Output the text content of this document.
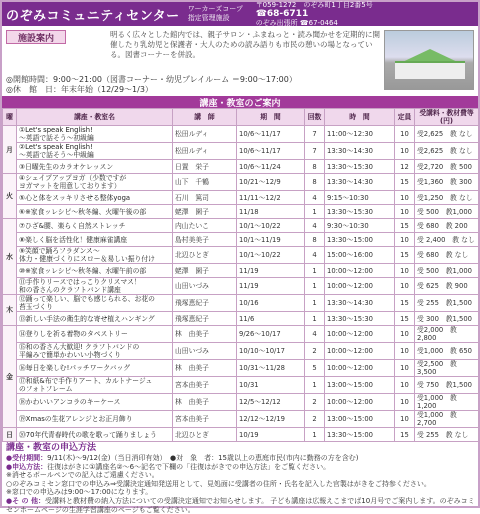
のぞみコミュニティセンター ワーカーズコープ 指定管理施設
〒059-1272　のぞみ町1丁目2番5号
☎68-6711
のぞみ出張所 ☎67-0464
施設案内	明るく広々とした館内では、親子サロン・ふまねっと・読み聞かせを定期的に開催したり乳幼児と保護者・大人のための読み語りも市民の憩いの場となっている。図書コーナーを併設。
◎開館時間：9:00～21:00（図書コーナー・幼児プレイルーム ＝9:00～17:00）
◎休　館　日：年末年始（12/29～1/3）
講座・教室のご案内
曜	講座・教室名	講　師	期　間	回数	時　間	定員	受講料・教材費等(円)
月	①Let's speak English!
～英語で話そう～初級編	松田ルディ	10/6～11/17	7	11:00～12:30	10	受2,625　教 なし

	②Let's speak English!
～英語で話そう～中級編	松田ルディ	10/6～11/17	7	13:30～14:30	10	受2,625　教 なし

	③日曜先生のカラオケレッスン	日置　栄子	10/6～11/24	8	13:30～15:30	12	受2,720　教 500

火	④シェイプアップヨガ（少数ですが
ヨガマットを用意しております）	山下　千鶴	10/21～12/9	8	13:30～14:30	15	受1,360　教 300

	⑤心と体をスッキリさせる整体yoga	石川　篤司	11/11～12/2	4	9:15～10:30	10	受1,250　教 なし

	⑥※家食ッレシピ～秋冬編、火曜午後の部	蛯澤　園子	11/18	1	13:30～15:30	10	受 500　教1,000

水	⑦ひざ&腰、楽らく自然ストレッチ	内山たいこ	10/1～10/22	4	9:30～10:30	15	受 680　教 200

	⑧楽しく脳を活性化！健康麻雀講座	島村美美子	10/1～11/19	8	13:30～15:00	10	受 2,400　教 なし

	⑨笑顔で踊ろフラダンス～
体力・健康づくりにスロー＆易しい振り付け	北辺ひとぎ	10/1～10/22	4	15:00～16:00	15	受 680　教 なし

	⑩※家食ッレシピ～秋冬編、水曜午前の部	蛯澤　園子	11/19	1	10:00～12:00	10	受 500　教1,000

	⑪手作りリースではっこりクリスマス！
和の香さんのクラフトバンド講座	山田いづみ	11/19	1	10:00～12:00	10	受 625　教 900

木	⑫踊って楽しい、脳でも感じられる、お花の
苔玉づくり	飛塚恵紀子	10/16	1	13:30～14:30	15	受 255　教1,500

	⑬新しい手法の衛生的な寄せ植えハンギング	飛塚恵紀子	11/6	1	13:30～15:30	15	受 300　教1,500

金	⑭登りしを祈る着物のタペストリー	林　由美子	9/26～10/17	4	10:00～12:00	10	受2,000　教2,800

	⑮和の香さん大歓迎! クラフトバンドの
平編みで簡単かわいい小物づくり	山田いづみ	10/10～10/17	2	10:00～12:00	10	受1,000　教 650

	⑯毎日を楽しむ!パッチワークバッグ	林　由美子	10/31～11/28	5	10:00～12:00	10	受2,500　教3,500

	⑰和紙&布で手作りアート、カルトナージュ
のフォトフレーム	宮本由美子	10/31	1	13:00～15:00	10	受 750　教1,500

	⑱かわいいアンコラのキーケース	林　由美子	12/5～12/12	2	10:00～12:00	10	受1,000　教1,200

	⑲Xmasの生花アレンジとお正月飾り	宮本由美子	12/12～12/19	2	13:00～15:00	10	受1,000　教2,700

日	⑳70年代青春時代の歌を歌って踊りましょう	北辺ひとぎ	10/19	1	13:30～15:00	15	受 255　教 なし
講座・教室の申込方法
●受付期間：9/11(木)～9/12(金)（当日消印有効）　●対　象　者：15歳以上の恵庭市民(市内に勤務の方を含む)
●申込方法：往復はがきに①講座名②～6～記名で下欄の「往復はがきでの申込方法」をご覧ください。
※消せるボールペンでの記入はご遠慮ください。
○のぞみコミセン窓口での申込み⇒受講決定通知発送用として、見処面に受講者の住所・氏名を記入した官製はがきをご持参ください。
※窓口での申込みは9:00～17:00になります。
●そ の 他：受講料と教材費の納入方法についての受講決定通知でお知らせします。 子ども講座は広報えこまでば10月号でご案内します。のぞみコミセンホームページの生涯学習講座のページもご覧ください。
